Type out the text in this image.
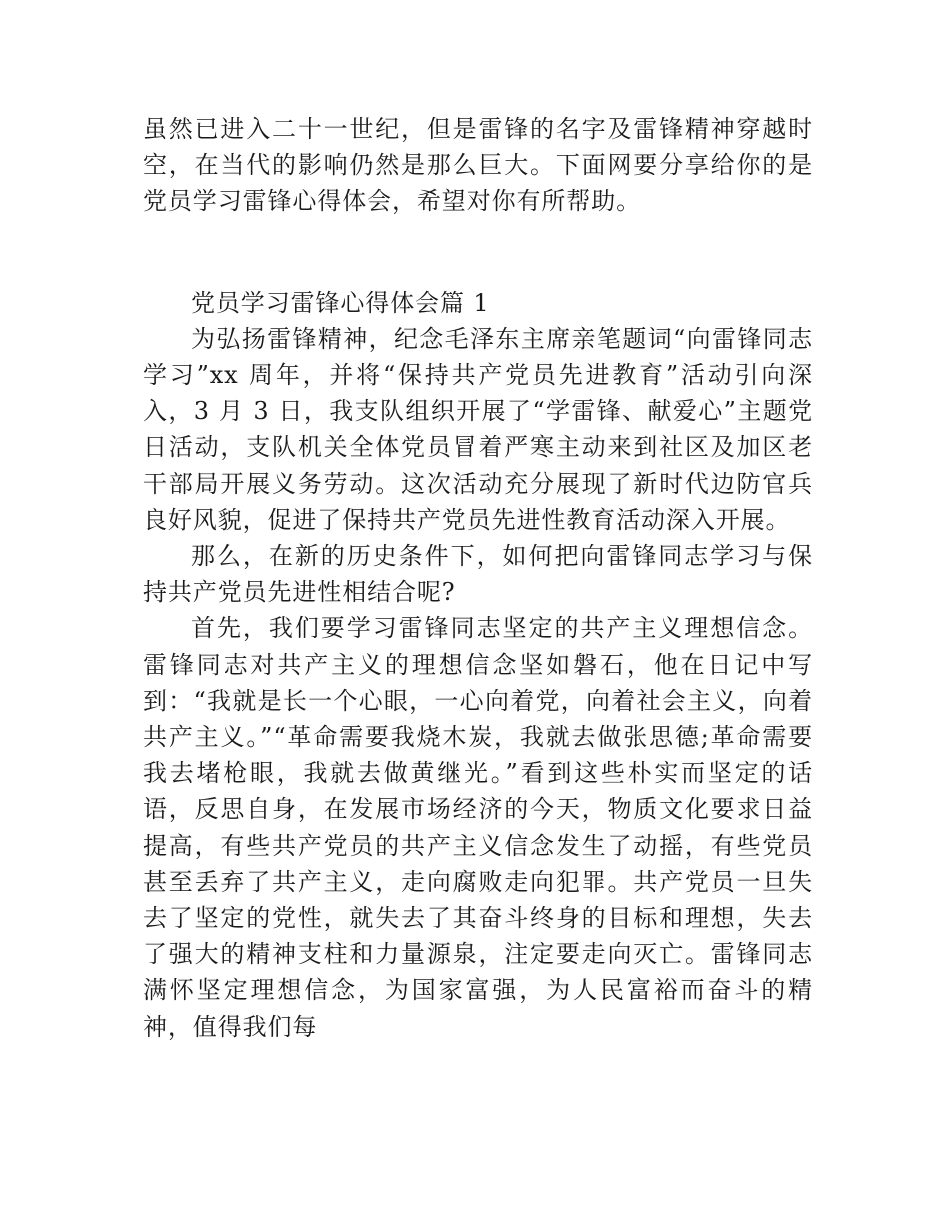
虽然已进入二十一世纪，但是雷锋的名字及雷锋精神穿越时空，在当代的影响仍然是那么巨大。下面网要分享给你的是党员学习雷锋心得体会，希望对你有所帮助。

党员学习雷锋心得体会篇 1

为弘扬雷锋精神，纪念毛泽东主席亲笔题词“向雷锋同志学习”xx 周年，并将“保持共产党员先进教育”活动引向深入，3 月 3 日，我支队组织开展了“学雷锋、献爱心”主题党日活动，支队机关全体党员冒着严寒主动来到社区及加区老干部局开展义务劳动。这次活动充分展现了新时代边防官兵良好风貌，促进了保持共产党员先进性教育活动深入开展。

那么，在新的历史条件下，如何把向雷锋同志学习与保持共产党员先进性相结合呢?

首先，我们要学习雷锋同志坚定的共产主义理想信念。雷锋同志对共产主义的理想信念坚如磐石，他在日记中写到：“我就是长一个心眼，一心向着党，向着社会主义，向着共产主义。”“革命需要我烧木炭，我就去做张思德;革命需要我去堵枪眼，我就去做黄继光。”看到这些朴实而坚定的话语，反思自身，在发展市场经济的今天，物质文化要求日益提高，有些共产党员的共产主义信念发生了动摇，有些党员甚至丢弃了共产主义，走向腐败走向犯罪。共产党员一旦失去了坚定的党性，就失去了其奋斗终身的目标和理想，失去了强大的精神支柱和力量源泉，注定要走向灭亡。雷锋同志满怀坚定理想信念，为国家富强，为人民富裕而奋斗的精神，值得我们每
